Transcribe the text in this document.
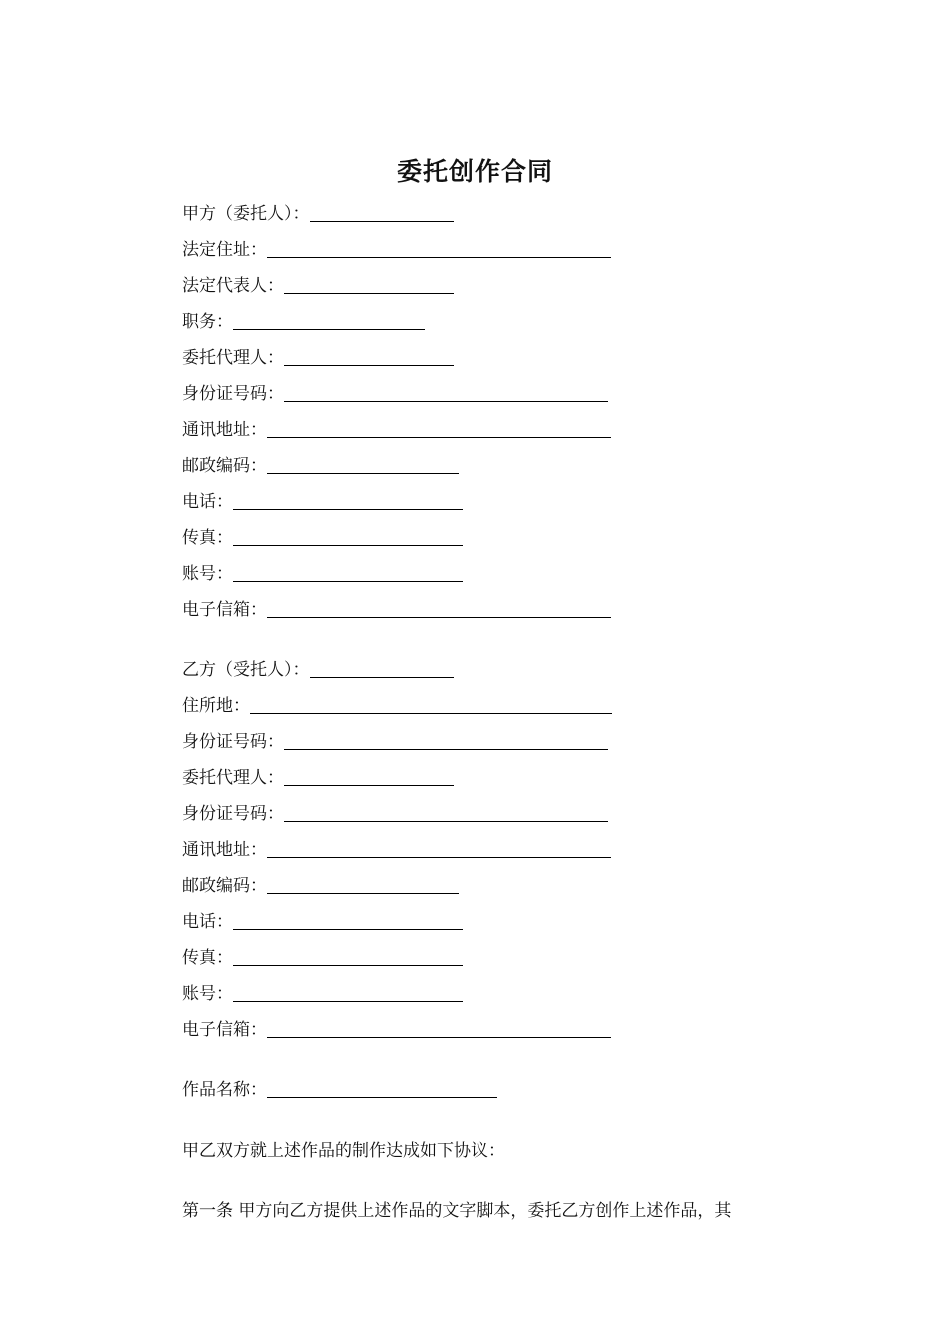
委托创作合同
甲方（委托人）：
法定住址：
法定代表人：
职务：
委托代理人：
身份证号码：
通讯地址：
邮政编码：
电话：
传真：
账号：
电子信箱：
乙方（受托人）：
住所地：
身份证号码：
委托代理人：
身份证号码：
通讯地址：
邮政编码：
电话：
传真：
账号：
电子信箱：
作品名称：
甲乙双方就上述作品的制作达成如下协议：
第一条 甲方向乙方提供上述作品的文字脚本，委托乙方创作上述作品，其
